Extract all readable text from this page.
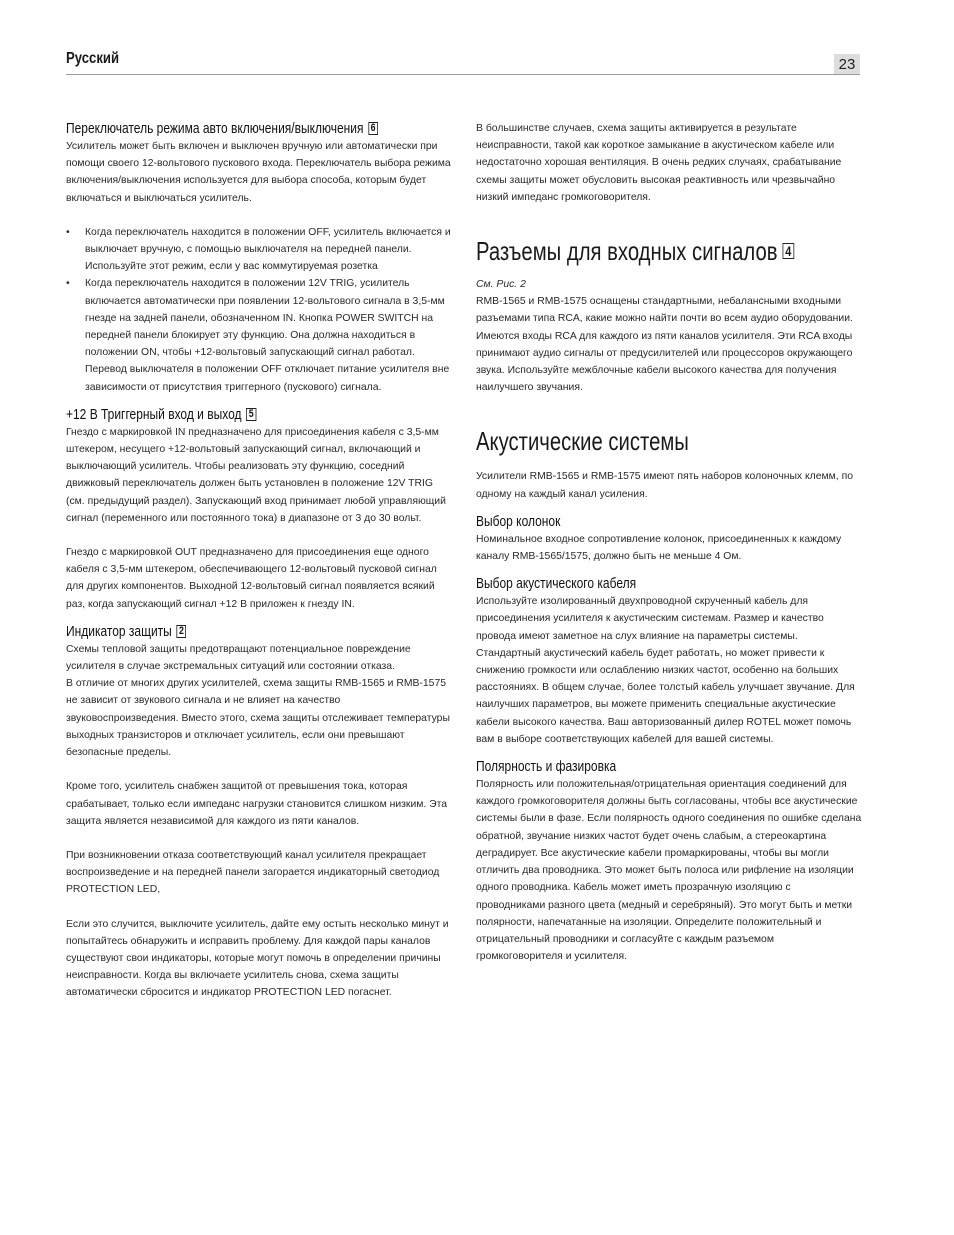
Русский	23
Переключатель режима авто включения/выключения 6

Усилитель может быть включен и выключен вручную или автоматически при помощи своего 12-вольтового пускового входа. Переключатель выбора режима включения/выключения используется для выбора способа, которым будет включаться и выключаться усилитель.

• Когда переключатель находится в положении OFF, усилитель включается и выключает вручную, с помощью выключателя на передней панели. Используйте этот режим, если у вас коммутируемая розетка
• Когда переключатель находится в положении 12V TRIG, усилитель включается автоматически при появлении 12-вольтового сигнала в 3,5-мм гнезде на задней панели, обозначенном IN. Кнопка POWER SWITCH на передней панели блокирует эту функцию. Она должна находиться в положении ON, чтобы +12-вольтовый запускающий сигнал работал. Перевод выключателя в положении OFF отключает питание усилителя вне зависимости от присутствия триггерного (пускового) сигнала.
+12 В Триггерный вход и выход 5

Гнездо с маркировкой IN предназначено для присоединения кабеля с 3,5-мм штекером, несущего +12-вольтовый запускающий сигнал, включающий и выключающий усилитель. Чтобы реализовать эту функцию, соседний движковый переключатель должен быть установлен в положение 12V TRIG (см. предыдущий раздел). Запускающий вход принимает любой управляющий сигнал (переменного или постоянного тока) в диапазоне от 3 до 30 вольт.

Гнездо с маркировкой OUT предназначено для присоединения еще одного кабеля с 3,5-мм штекером, обеспечивающего 12-вольтовый пусковой сигнал для других компонентов. Выходной 12-вольтовый сигнал появляется всякий раз, когда запускающий сигнал +12 В приложен к гнезду IN.

Индикатор защиты 2

Схемы тепловой защиты предотвращают потенциальное повреждение усилителя в случае экстремальных ситуаций или состоянии отказа.

В отличие от многих других усилителей, схема защиты RMB-1565 и RMB-1575 не зависит от звукового сигнала и не влияет на качество звуковоспроизведения. Вместо этого, схема защиты отслеживает температуры выходных транзисторов и отключает усилитель, если они превышают безопасные пределы.

Кроме того, усилитель снабжен защитой от превышения тока, которая срабатывает, только если импеданс нагрузки становится слишком низким. Эта защита является независимой для каждого из пяти каналов.

При возникновении отказа соответствующий канал усилителя прекращает воспроизведение и на передней панели загорается индикаторный светодиод PROTECTION LED,

Если это случится, выключите усилитель, дайте ему остыть несколько минут и попытайтесь обнаружить и исправить проблему. Для каждой пары каналов существуют свои индикаторы, которые могут помочь в определении причины неисправности. Когда вы включаете усилитель снова, схема защиты автоматически сбросится и индикатор PROTECTION LED погаснет.

В большинстве случаев, схема защиты активируется в результате неисправности, такой как короткое замыкание в акустическом кабеле или недостаточно хорошая вентиляция. В очень редких случаях, срабатывание схемы защиты может обусловить высокая реактивность или чрезвычайно низкий импеданс громкоговорителя.

Разъемы для входных сигналов 4

См. Рис. 2

RMB-1565 и RMB-1575 оснащены стандартными, небалансными входными разъемами типа RCA, какие можно найти почти во всем аудио оборудовании. Имеются входы RCA для каждого из пяти каналов усилителя. Эти RCA входы принимают аудио сигналы от предусилителей или процессоров окружающего звука. Используйте межблочные кабели высокого качества для получения наилучшего звучания.

Акустические системы

Усилители RMB-1565 и RMB-1575 имеют пять наборов колоночных клемм, по одному на каждый канал усиления.

Выбор колонок

Номинальное входное сопротивление колонок, присоединенных к каждому каналу RMB-1565/1575, должно быть не меньше 4 Ом.

Выбор акустического кабеля

Используйте изолированный двухпроводной скрученный кабель для присоединения усилителя к акустическим системам. Размер и качество провода имеют заметное на слух влияние на параметры системы. Стандартный акустический кабель будет работать, но может привести к снижению громкости или ослаблению низких частот, особенно на больших расстояниях. В общем случае, более толстый кабель улучшает звучание. Для наилучших параметров, вы можете применить специальные акустические кабели высокого качества. Ваш авторизованный дилер ROTEL может помочь вам в выборе соответствующих кабелей для вашей системы.

Полярность и фазировка

Полярность или положительная/отрицательная ориентация соединений для каждого громкоговорителя должны быть согласованы, чтобы все акустические системы были в фазе. Если полярность одного соединения по ошибке сделана обратной, звучание низких частот будет очень слабым, а стереокартина деградирует. Все акустические кабели промаркированы, чтобы вы могли отличить два проводника. Это может быть полоса или рифление на изоляции одного проводника. Кабель может иметь прозрачную изоляцию с проводниками разного цвета (медный и серебряный). Это могут быть и метки полярности, напечатанные на изоляции. Определите положительный и отрицательный проводники и согласуйте с каждым разъемом громкоговорителя и усилителя.
